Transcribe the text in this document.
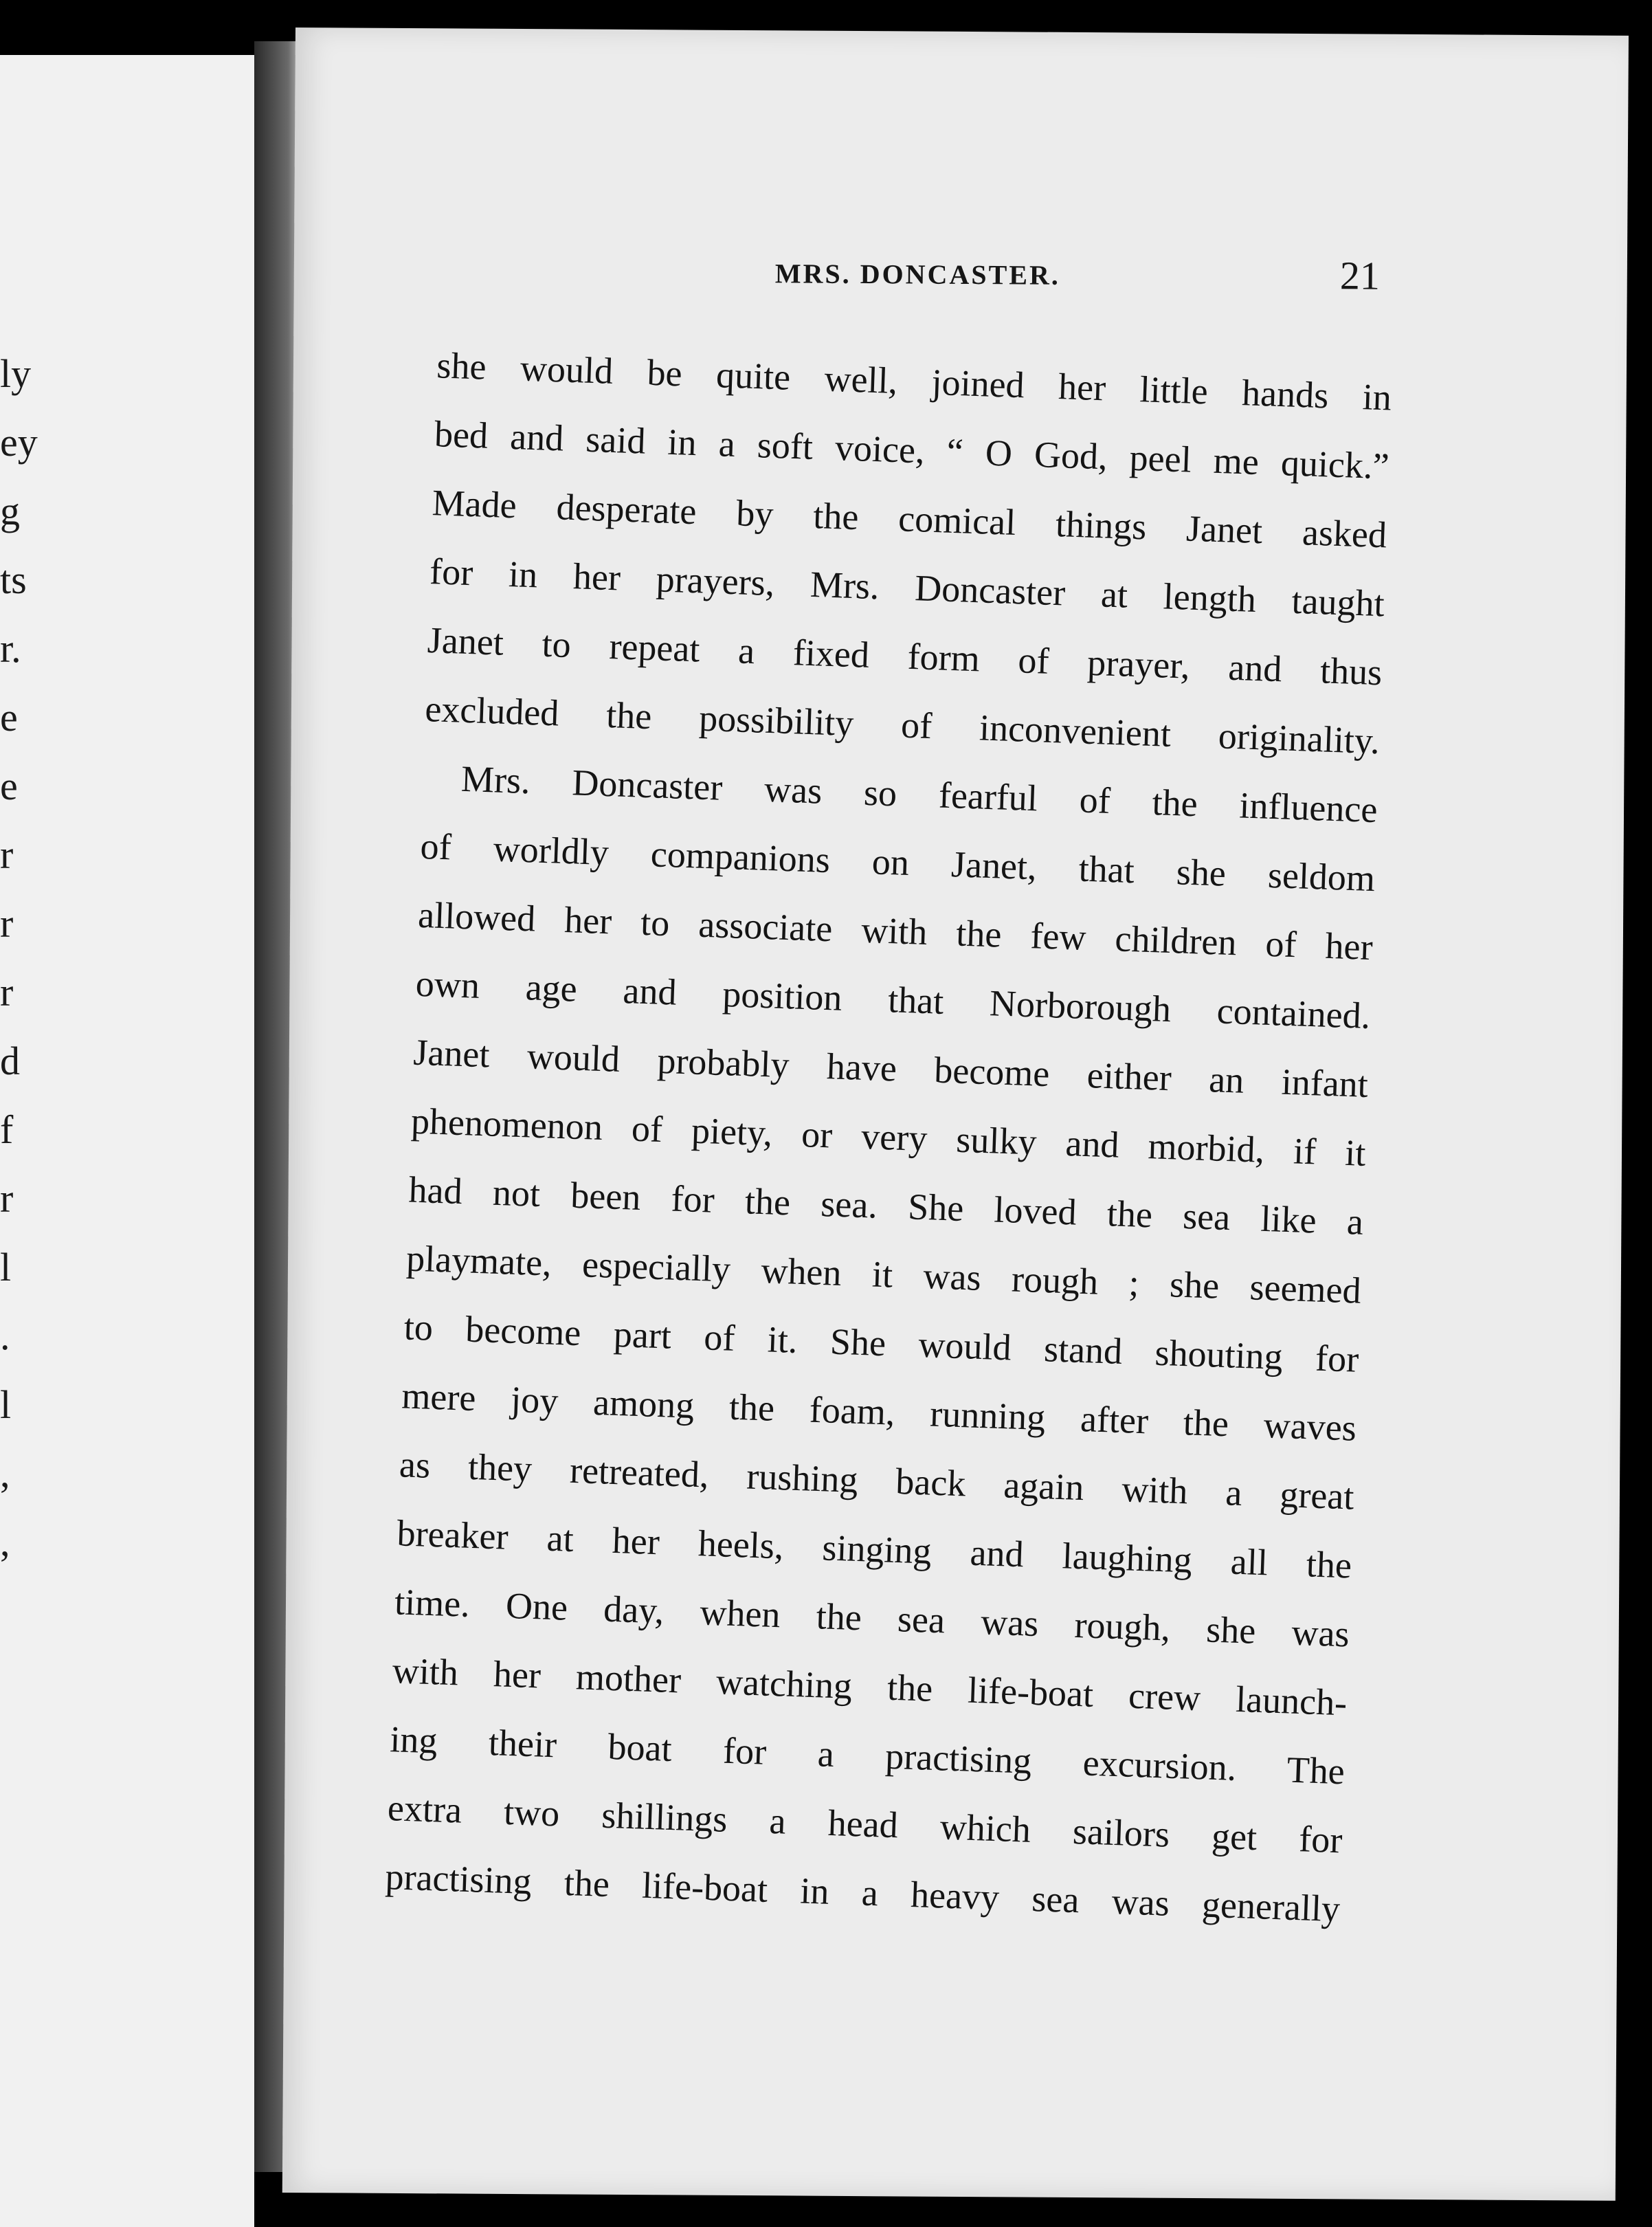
ly
ey
g
ts
r.
e
e
r
r
r
d
f
r
l
.
l
,
,
MRS. DONCASTER.	21
she would be quite well, joined her little hands in
bed and said in a soft voice, “ O God, peel me quick.”
Made desperate by the comical things Janet asked
for in her prayers, Mrs. Doncaster at length taught
Janet to repeat a fixed form of prayer, and thus
excluded the possibility of inconvenient originality.
Mrs. Doncaster was so fearful of the influence
of worldly companions on Janet, that she seldom
allowed her to associate with the few children of her
own age and position that Norborough contained.
Janet would probably have become either an infant
phenomenon of piety, or very sulky and morbid, if it
had not been for the sea. She loved the sea like a
playmate, especially when it was rough ; she seemed
to become part of it. She would stand shouting for
mere joy among the foam, running after the waves
as they retreated, rushing back again with a great
breaker at her heels, singing and laughing all the
time. One day, when the sea was rough, she was
with her mother watching the life-boat crew launch-
ing their boat for a practising excursion. The
extra two shillings a head which sailors get for
practising the life-boat in a heavy sea was generally
